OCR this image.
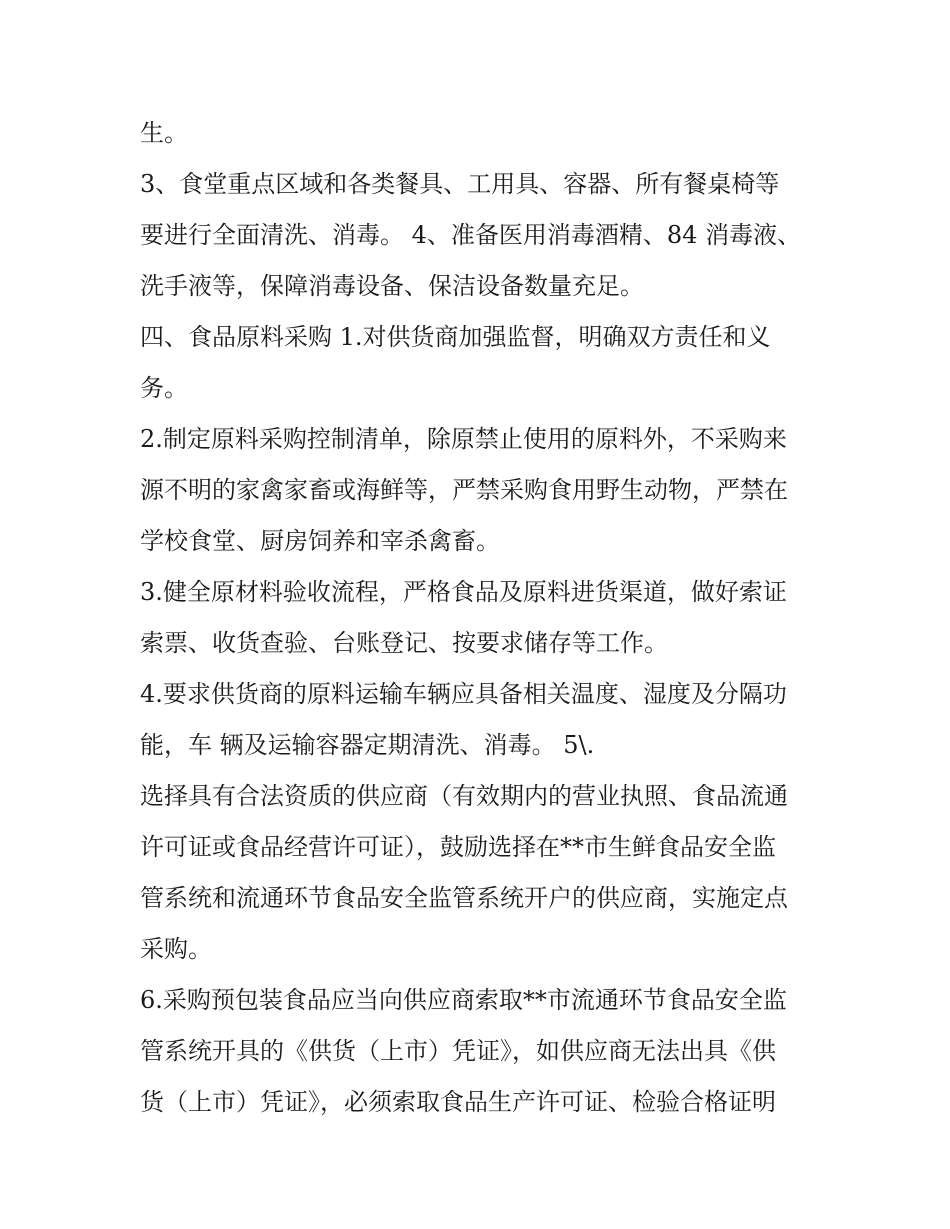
生。
3、食堂重点区域和各类餐具、工用具、容器、所有餐桌椅等
要进行全面清洗、消毒。 4、准备医用消毒酒精、84 消毒液、
洗手液等，保障消毒设备、保洁设备数量充足。
四、食品原料采购 1.对供货商加强监督，明确双方责任和义
务。
2.制定原料采购控制清单，除原禁止使用的原料外，不采购来
源不明的家禽家畜或海鲜等，严禁采购食用野生动物，严禁在
学校食堂、厨房饲养和宰杀禽畜。
3.健全原材料验收流程，严格食品及原料进货渠道，做好索证
索票、收货查验、台账登记、按要求储存等工作。
4.要求供货商的原料运输车辆应具备相关温度、湿度及分隔功
能，车 辆及运输容器定期清洗、消毒。 5\.
选择具有合法资质的供应商（有效期内的营业执照、食品流通
许可证或食品经营许可证），鼓励选择在**市生鲜食品安全监
管系统和流通环节食品安全监管系统开户的供应商，实施定点
采购。
6.采购预包装食品应当向供应商索取**市流通环节食品安全监
管系统开具的《供货（上市）凭证》，如供应商无法出具《供
货（上市）凭证》，必须索取食品生产许可证、检验合格证明
